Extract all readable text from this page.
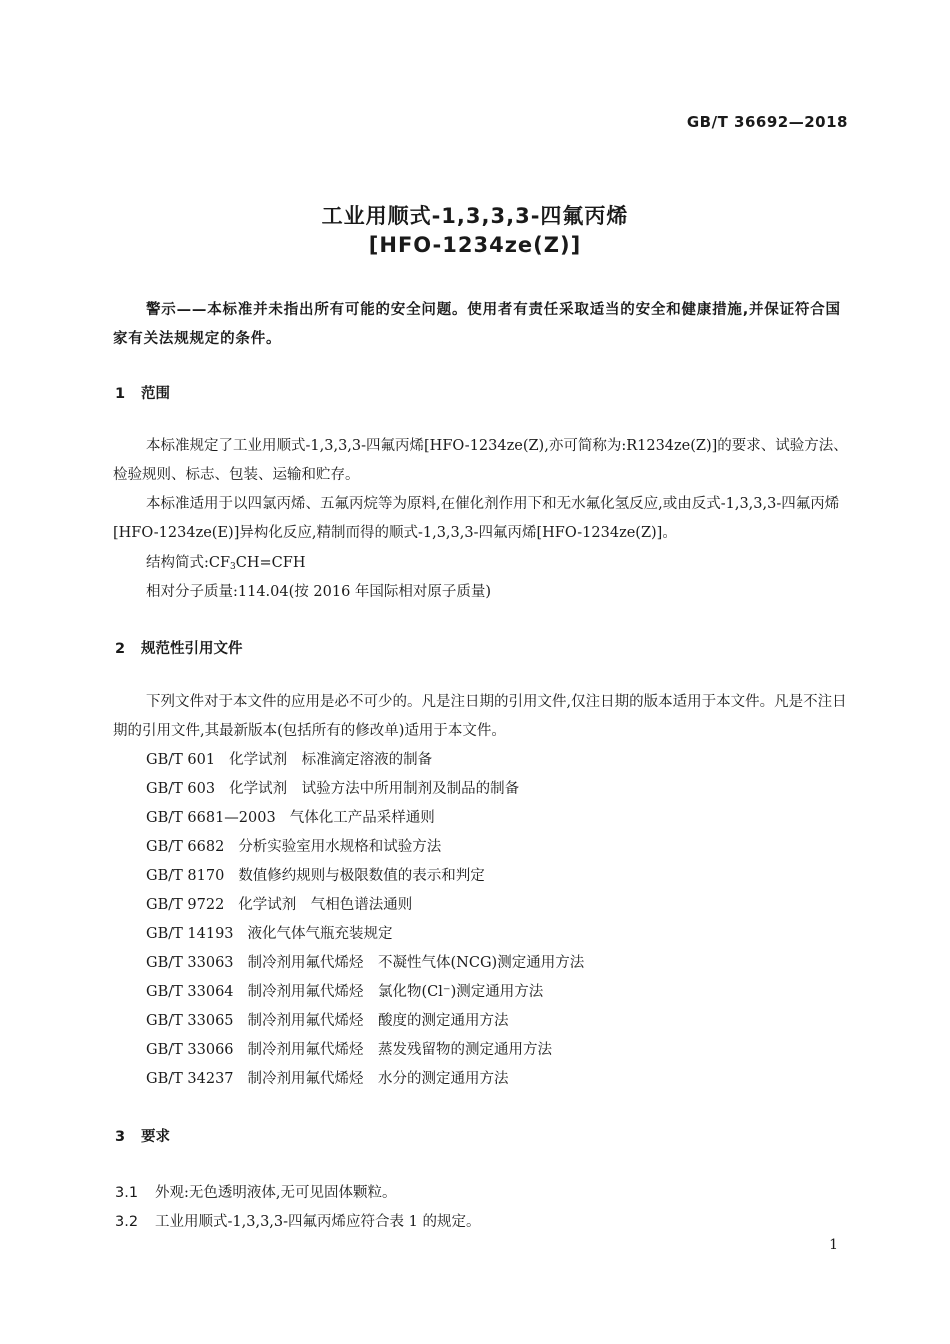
GB/T 36692—2018
工业用顺式-1,3,3,3-四氟丙烯
[HFO-1234ze(Z)]
警示——本标准并未指出所有可能的安全问题。使用者有责任采取适当的安全和健康措施,并保证符合国家有关法规规定的条件。
1 范围
本标准规定了工业用顺式-1,3,3,3-四氟丙烯[HFO-1234ze(Z),亦可简称为:R1234ze(Z)]的要求、试验方法、检验规则、标志、包装、运输和贮存。
本标准适用于以四氯丙烯、五氟丙烷等为原料,在催化剂作用下和无水氟化氢反应,或由反式-1,3,3,3-四氟丙烯[HFO-1234ze(E)]异构化反应,精制而得的顺式-1,3,3,3-四氟丙烯[HFO-1234ze(Z)]。
结构简式$:CF_3CH=CFH$
相对分子质量:114.04(按 2016 年国际相对原子质量)
2 规范性引用文件
下列文件对于本文件的应用是必不可少的。凡是注日期的引用文件,仅注日期的版本适用于本文件。凡是不注日期的引用文件,其最新版本(包括所有的修改单)适用于本文件。
GB/T 601 化学试剂　标准滴定溶液的制备
GB/T 603 化学试剂　试验方法中所用制剂及制品的制备
GB/T 6681—2003 气体化工产品采样通则
GB/T 6682 分析实验室用水规格和试验方法
GB/T 8170 数值修约规则与极限数值的表示和判定
GB/T 9722 化学试剂　气相色谱法通则
GB/T 14193 液化气体气瓶充装规定
GB/T 33063 制冷剂用氟代烯烃　不凝性气体(NCG)测定通用方法
GB/T 33064 制冷剂用氟代烯烃　氯化物(Cl⁻)测定通用方法
GB/T 33065 制冷剂用氟代烯烃　酸度的测定通用方法
GB/T 33066 制冷剂用氟代烯烃　蒸发残留物的测定通用方法
GB/T 34237 制冷剂用氟代烯烃　水分的测定通用方法
3 要求
3.1 外观:无色透明液体,无可见固体颗粒。
3.2 工业用顺式-1,3,3,3-四氟丙烯应符合表 1 的规定。
1
